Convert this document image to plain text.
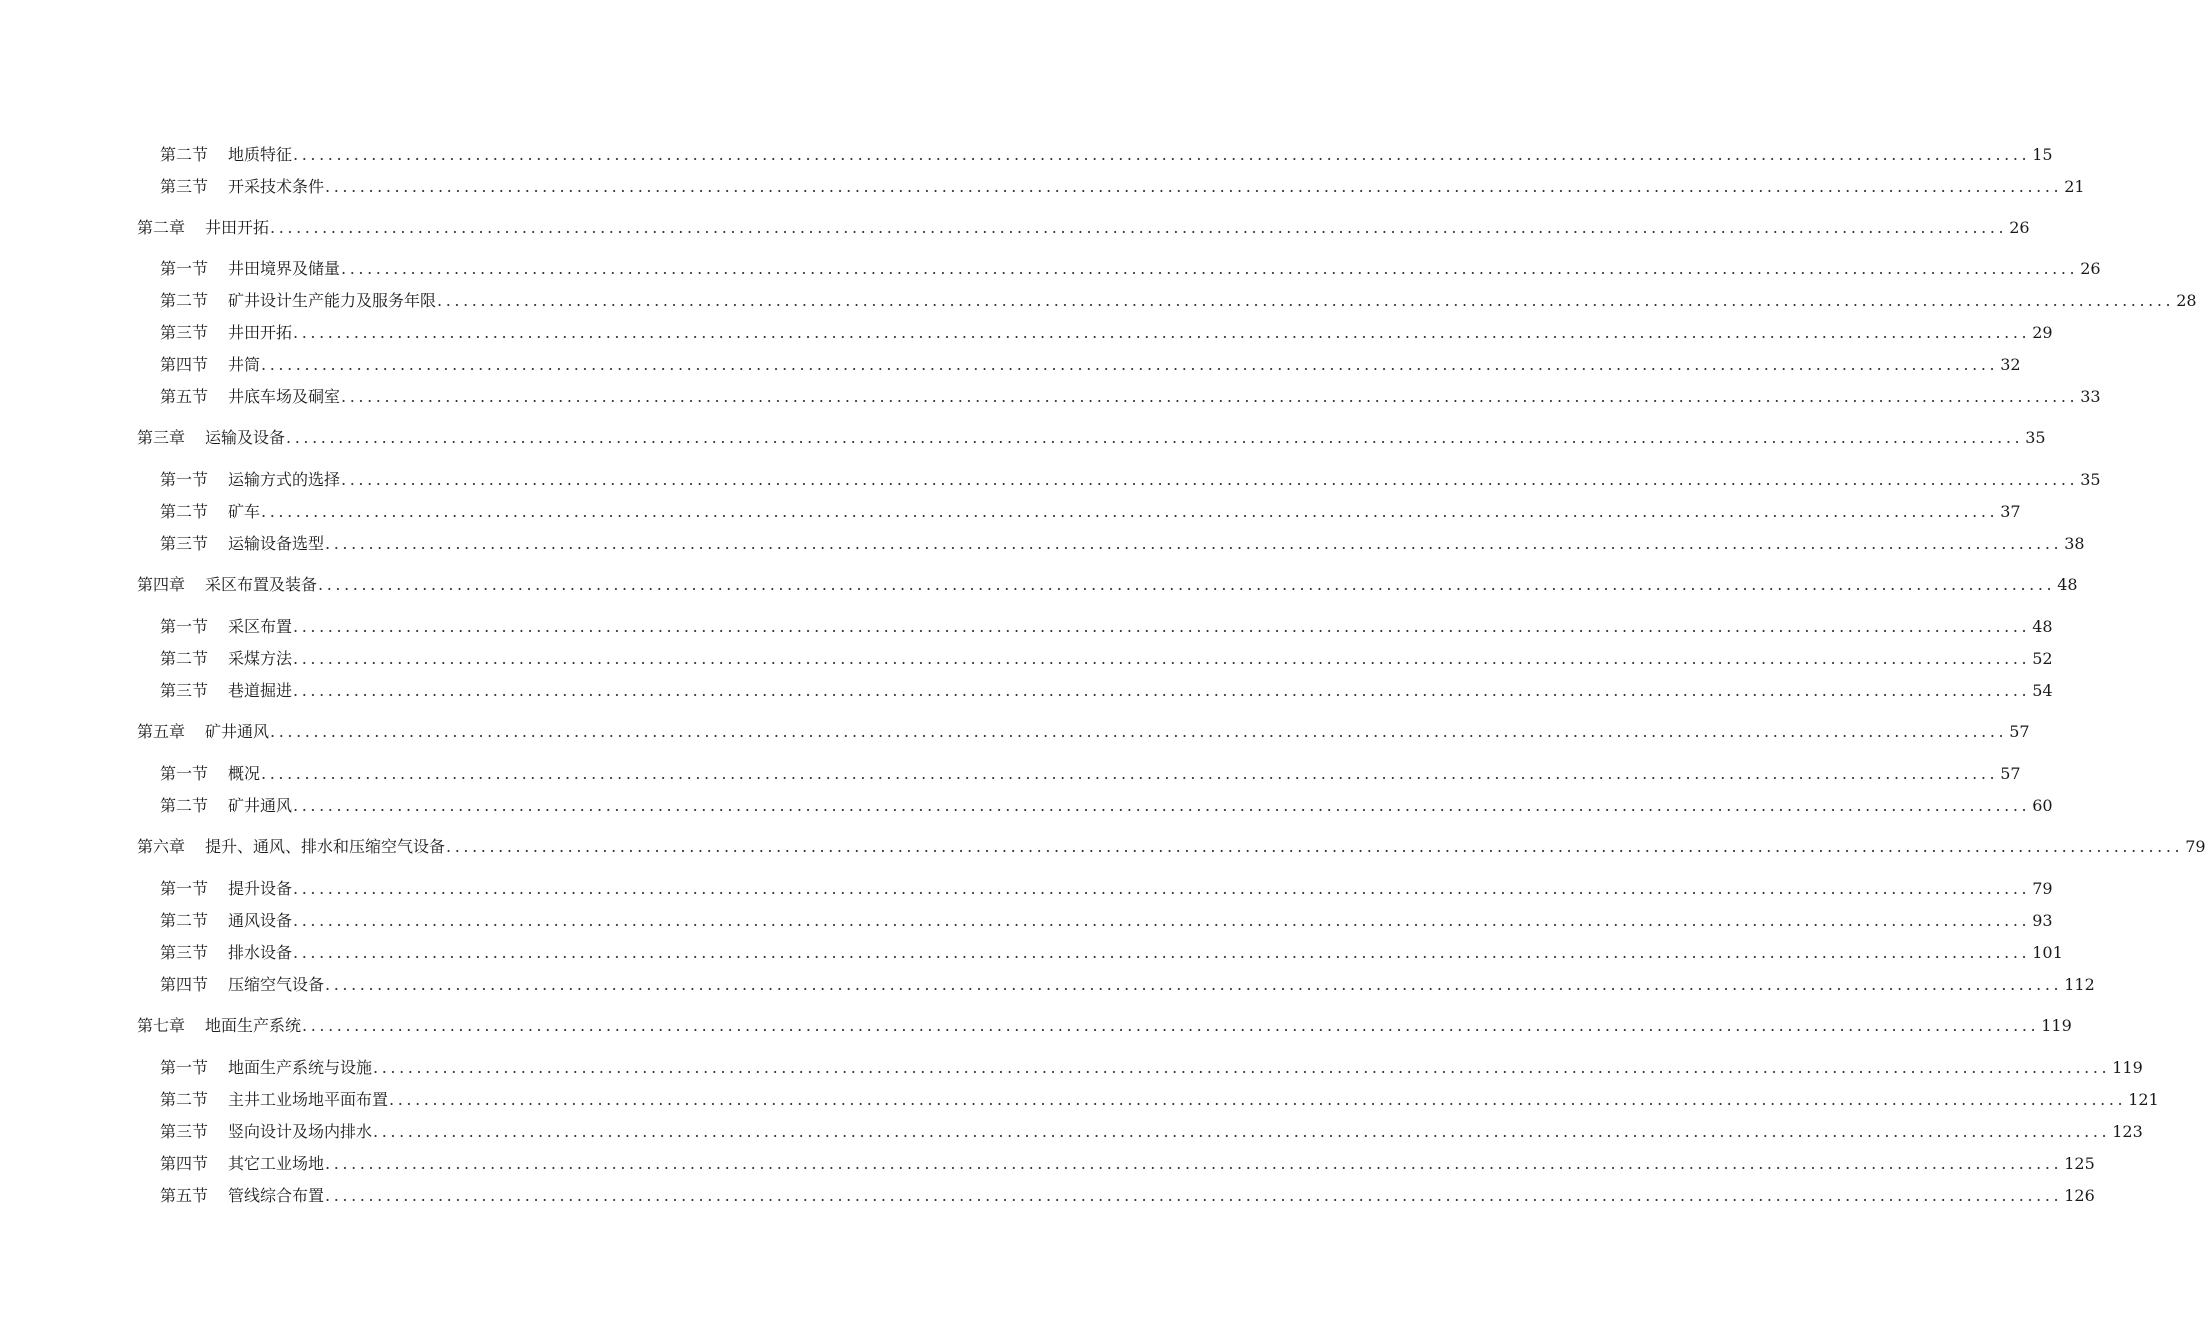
第二节 地质特征 ........................................................................................................................................................................................................ 15
第三节 开采技术条件 ........................................................................................................................................................................................................ 21
第二章 井田开拓 ........................................................................................................................................................................................................ 26
第一节 井田境界及储量 ........................................................................................................................................................................................................ 26
第二节 矿井设计生产能力及服务年限 ........................................................................................................................................................................................................ 28
第三节 井田开拓 ........................................................................................................................................................................................................ 29
第四节 井筒 ........................................................................................................................................................................................................ 32
第五节 井底车场及硐室 ........................................................................................................................................................................................................ 33
第三章 运输及设备 ........................................................................................................................................................................................................ 35
第一节 运输方式的选择 ........................................................................................................................................................................................................ 35
第二节 矿车 ........................................................................................................................................................................................................ 37
第三节 运输设备选型 ........................................................................................................................................................................................................ 38
第四章 采区布置及装备 ........................................................................................................................................................................................................ 48
第一节 采区布置 ........................................................................................................................................................................................................ 48
第二节 采煤方法 ........................................................................................................................................................................................................ 52
第三节 巷道掘进 ........................................................................................................................................................................................................ 54
第五章 矿井通风 ........................................................................................................................................................................................................ 57
第一节 概况 ........................................................................................................................................................................................................ 57
第二节 矿井通风 ........................................................................................................................................................................................................ 60
第六章 提升、通风、排水和压缩空气设备 ........................................................................................................................................................................................................ 79
第一节 提升设备 ........................................................................................................................................................................................................ 79
第二节 通风设备 ........................................................................................................................................................................................................ 93
第三节 排水设备 ........................................................................................................................................................................................................ 101
第四节 压缩空气设备 ........................................................................................................................................................................................................ 112
第七章 地面生产系统 ........................................................................................................................................................................................................ 119
第一节 地面生产系统与设施 ........................................................................................................................................................................................................ 119
第二节 主井工业场地平面布置 ........................................................................................................................................................................................................ 121
第三节 竖向设计及场内排水 ........................................................................................................................................................................................................ 123
第四节 其它工业场地 ........................................................................................................................................................................................................ 125
第五节 管线综合布置 ........................................................................................................................................................................................................ 126
